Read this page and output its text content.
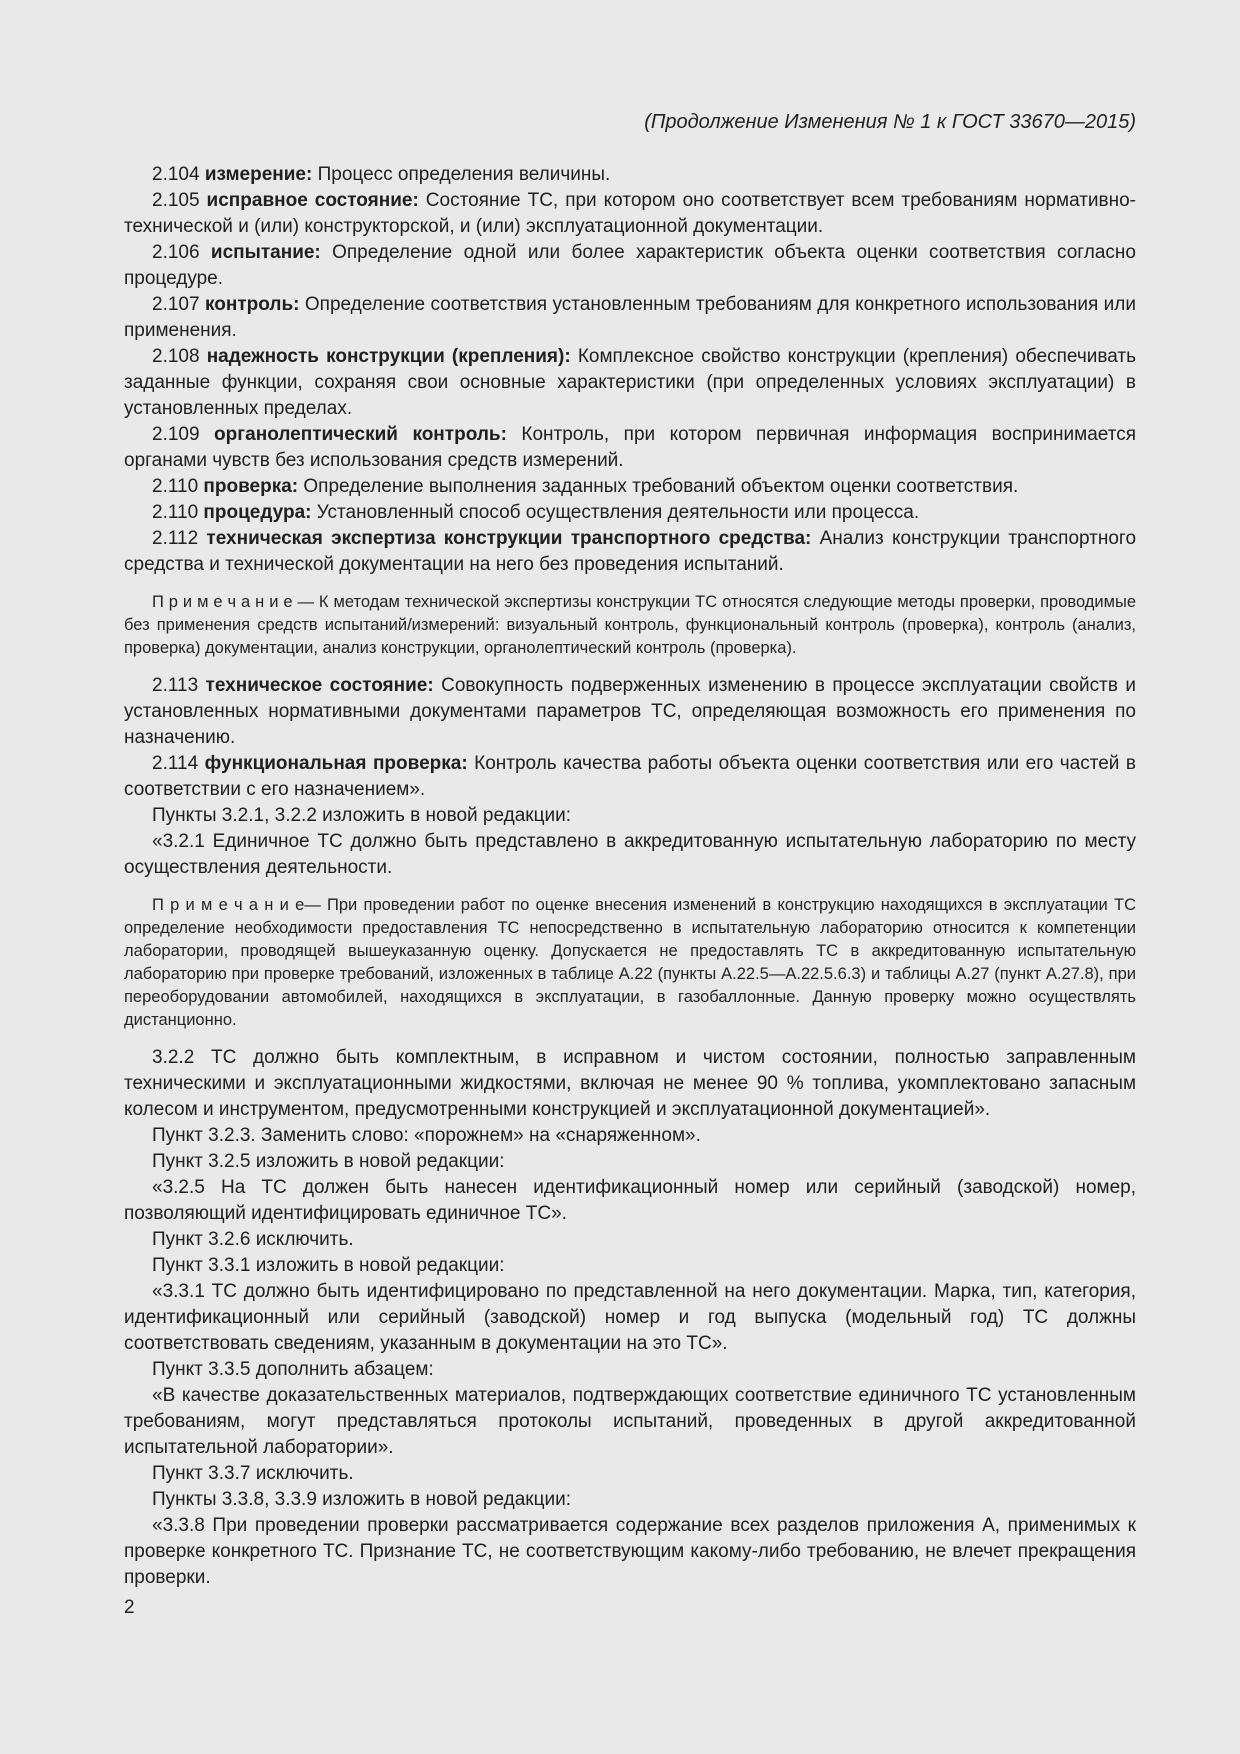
(Продолжение Изменения № 1 к ГОСТ 33670—2015)

2.104 измерение: Процесс определения величины.

2.105 исправное состояние: Состояние ТС, при котором оно соответствует всем требованиям нормативно-технической и (или) конструкторской, и (или) эксплуатационной документации.

2.106 испытание: Определение одной или более характеристик объекта оценки соответствия согласно процедуре.

2.107 контроль: Определение соответствия установленным требованиям для конкретного использования или применения.

2.108 надежность конструкции (крепления): Комплексное свойство конструкции (крепления) обеспечивать заданные функции, сохраняя свои основные характеристики (при определенных условиях эксплуатации) в установленных пределах.

2.109 органолептический контроль: Контроль, при котором первичная информация воспринимается органами чувств без использования средств измерений.

2.110 проверка: Определение выполнения заданных требований объектом оценки соответствия.

2.110 процедура: Установленный способ осуществления деятельности или процесса.

2.112 техническая экспертиза конструкции транспортного средства: Анализ конструкции транспортного средства и технической документации на него без проведения испытаний.

П р и м е ч а н и е — К методам технической экспертизы конструкции ТС относятся следующие методы проверки, проводимые без применения средств испытаний/измерений: визуальный контроль, функциональный контроль (проверка), контроль (анализ, проверка) документации, анализ конструкции, органолептический контроль (проверка).

2.113 техническое состояние: Совокупность подверженных изменению в процессе эксплуатации свойств и установленных нормативными документами параметров ТС, определяющая возможность его применения по назначению.

2.114 функциональная проверка: Контроль качества работы объекта оценки соответствия или его частей в соответствии с его назначением».

Пункты 3.2.1, 3.2.2 изложить в новой редакции:

«3.2.1 Единичное ТС должно быть представлено в аккредитованную испытательную лабораторию по месту осуществления деятельности.

П р и м е ч а н и е— При проведении работ по оценке внесения изменений в конструкцию находящихся в эксплуатации ТС определение необходимости предоставления ТС непосредственно в испытательную лабораторию относится к компетенции лаборатории, проводящей вышеуказанную оценку. Допускается не предоставлять ТС в аккредитованную испытательную лабораторию при проверке требований, изложенных в таблице А.22 (пункты А.22.5—А.22.5.6.3) и таблицы А.27 (пункт А.27.8), при переоборудовании автомобилей, находящихся в эксплуатации, в газобаллонные. Данную проверку можно осуществлять дистанционно.

3.2.2 ТС должно быть комплектным, в исправном и чистом состоянии, полностью заправленным техническими и эксплуатационными жидкостями, включая не менее 90 % топлива, укомплектовано запасным колесом и инструментом, предусмотренными конструкцией и эксплуатационной документацией».

Пункт 3.2.3. Заменить слово: «порожнем» на «снаряженном».

Пункт 3.2.5 изложить в новой редакции:

«3.2.5 На ТС должен быть нанесен идентификационный номер или серийный (заводской) номер, позволяющий идентифицировать единичное ТС».

Пункт 3.2.6 исключить.

Пункт 3.3.1 изложить в новой редакции:

«3.3.1 ТС должно быть идентифицировано по представленной на него документации. Марка, тип, категория, идентификационный или серийный (заводской) номер и год выпуска (модельный год) ТС должны соответствовать сведениям, указанным в документации на это ТС».

Пункт 3.3.5 дополнить абзацем:

«В качестве доказательственных материалов, подтверждающих соответствие единичного ТС установленным требованиям, могут представляться протоколы испытаний, проведенных в другой аккредитованной испытательной лаборатории».

Пункт 3.3.7 исключить.

Пункты 3.3.8, 3.3.9 изложить в новой редакции:

«3.3.8 При проведении проверки рассматривается содержание всех разделов приложения А, применимых к проверке конкретного ТС. Признание ТС, не соответствующим какому-либо требованию, не влечет прекращения проверки.

2
